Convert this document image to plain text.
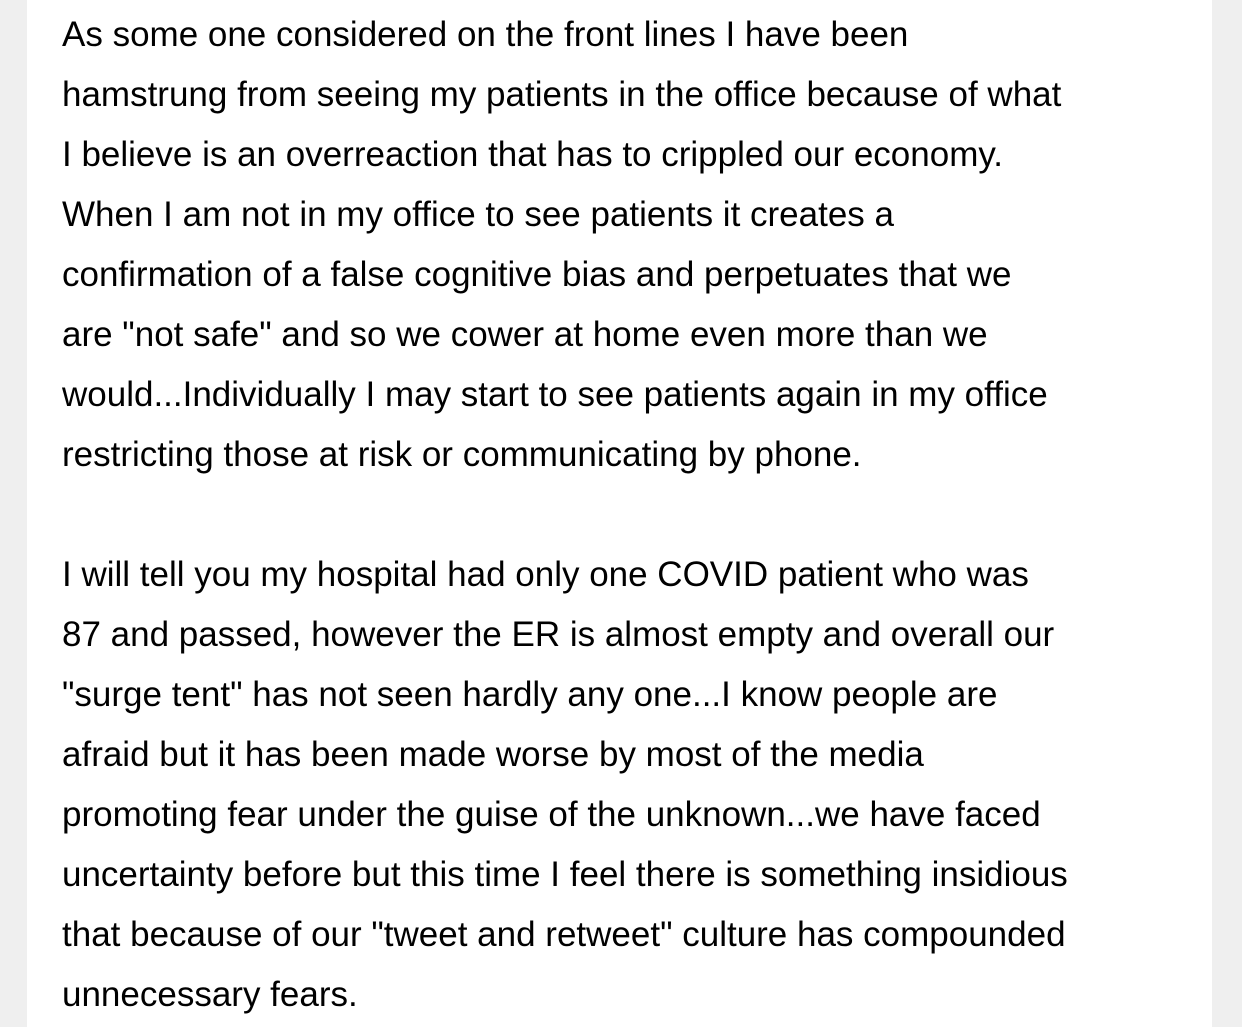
As some one considered on the front lines I have been
hamstrung from seeing my patients in the office because of what
I believe is an overreaction that has to crippled our economy.
When I am not in my office to see patients it creates a
confirmation of a false cognitive bias and perpetuates that we
are "not safe" and so we cower at home even more than we
would...Individually I may start to see patients again in my office
restricting those at risk or communicating by phone.
I will tell you my hospital had only one COVID patient who was
87 and passed, however the ER is almost empty and overall our
"surge tent" has not seen hardly any one...I know people are
afraid but it has been made worse by most of the media
promoting fear under the guise of the unknown...we have faced
uncertainty before but this time I feel there is something insidious
that because of our "tweet and retweet" culture has compounded
unnecessary fears.
